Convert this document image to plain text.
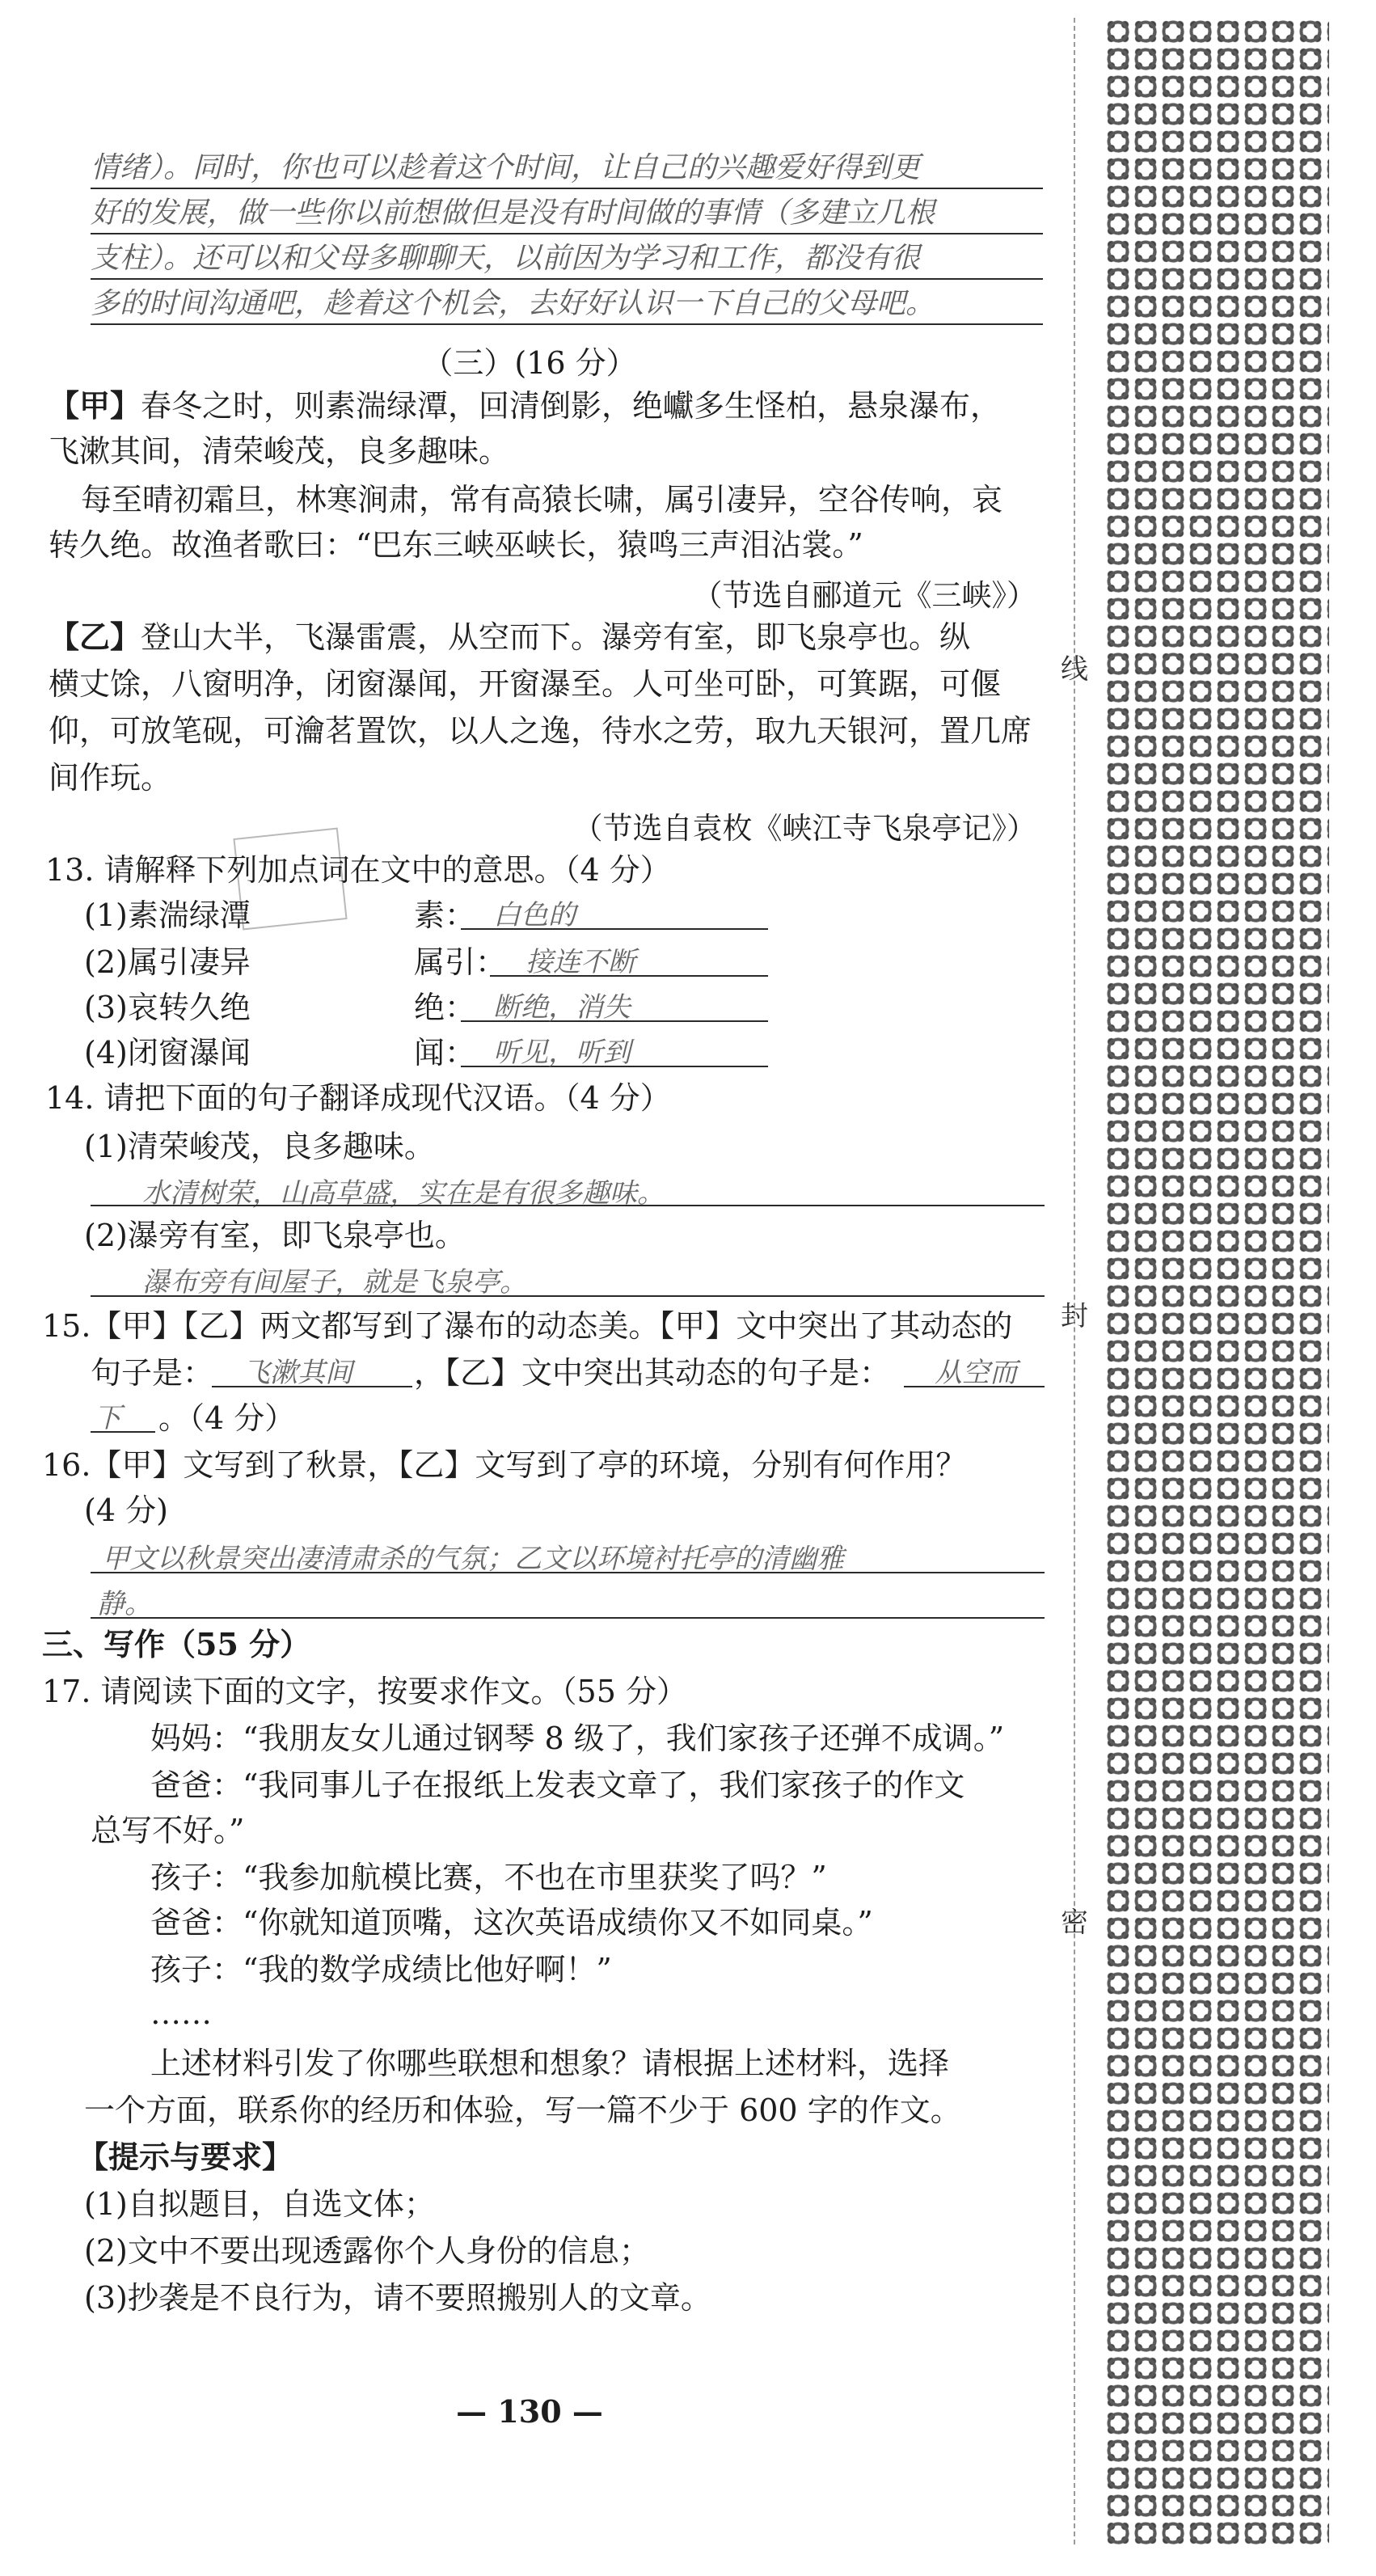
情绪）。同时，你也可以趁着这个时间，让自己的兴趣爱好得到更
好的发展，做一些你以前想做但是没有时间做的事情（多建立几根
支柱）。还可以和父母多聊聊天，以前因为学习和工作，都没有很
多的时间沟通吧，趁着这个机会，去好好认识一下自己的父母吧。
（三）(16 分）
【甲】春冬之时，则素湍绿潭，回清倒影，绝巘多生怪柏，悬泉瀑布，
飞漱其间，清荣峻茂，良多趣味。
每至晴初霜旦，林寒涧肃，常有高猿长啸，属引凄异，空谷传响，哀
转久绝。故渔者歌曰：“巴东三峡巫峡长，猿鸣三声泪沾裳。”
（节选自郦道元《三峡》）
【乙】登山大半，飞瀑雷震，从空而下。瀑旁有室，即飞泉亭也。纵
横丈馀，八窗明净，闭窗瀑闻，开窗瀑至。人可坐可卧，可箕踞，可偃
仰，可放笔砚，可瀹茗置饮，以人之逸，待水之劳，取九天银河，置几席
间作玩。
（节选自袁枚《峡江寺飞泉亭记》）
13. 请解释下列加点词在文中的意思。（4 分）
(1)素湍绿潭	素： 白色的
(2)属引凄异	属引： 接连不断
(3)哀转久绝	绝： 断绝，消失
(4)闭窗瀑闻	闻： 听见，听到
14. 请把下面的句子翻译成现代汉语。（4 分）
(1)清荣峻茂，良多趣味。
水清树荣，山高草盛，实在是有很多趣味。
(2)瀑旁有室，即飞泉亭也。
瀑布旁有间屋子，就是飞泉亭。
15.【甲】【乙】两文都写到了瀑布的动态美。【甲】文中突出了其动态的
句子是： 飞漱其间 ，【乙】文中突出其动态的句子是： 从空而
下 。（4 分）
16.【甲】文写到了秋景，【乙】文写到了亭的环境，分别有何作用？
(4 分)
甲文以秋景突出凄清肃杀的气氛；乙文以环境衬托亭的清幽雅
静。
三、写作（55 分）
17. 请阅读下面的文字，按要求作文。（55 分）
妈妈：“我朋友女儿通过钢琴 8 级了，我们家孩子还弹不成调。”
爸爸：“我同事儿子在报纸上发表文章了，我们家孩子的作文
总写不好。”
孩子：“我参加航模比赛，不也在市里获奖了吗？”
爸爸：“你就知道顶嘴，这次英语成绩你又不如同桌。”
孩子：“我的数学成绩比他好啊！”
……
上述材料引发了你哪些联想和想象？请根据上述材料，选择
一个方面，联系你的经历和体验，写一篇不少于 600 字的作文。
【提示与要求】
(1)自拟题目，自选文体；
(2)文中不要出现透露你个人身份的信息；
(3)抄袭是不良行为，请不要照搬别人的文章。
— 130 —
线
封
密
